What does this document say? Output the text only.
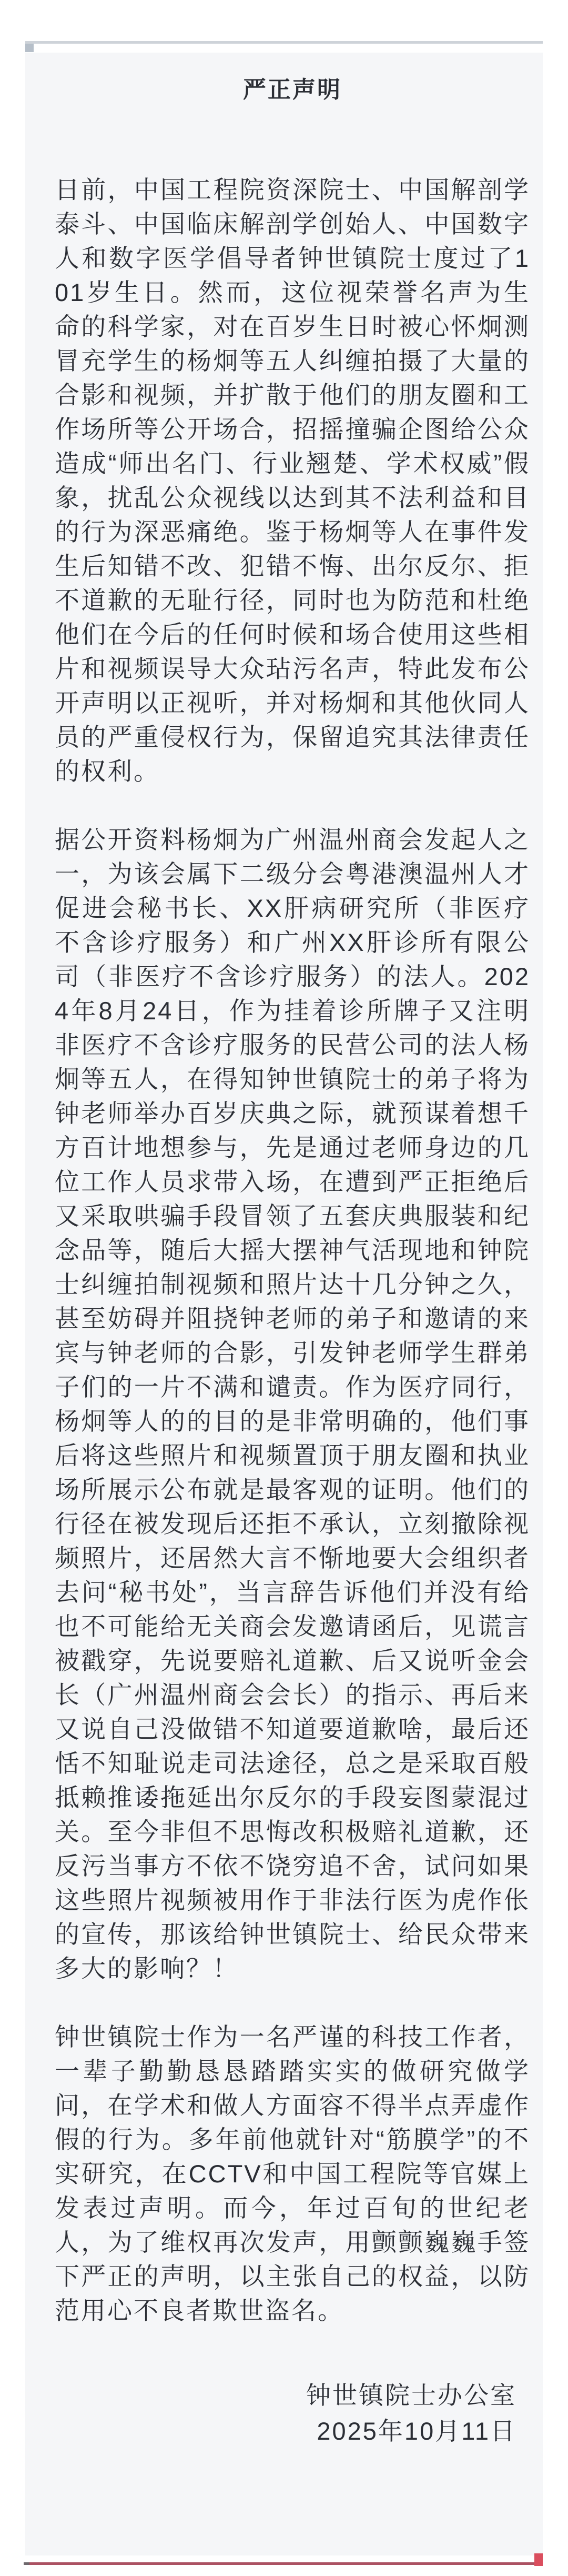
严正声明

日前，中国工程院资深院士、中国解剖学泰斗、中国临床解剖学创始人、中国数字人和数字医学倡导者钟世镇院士度过了101岁生日。然而，这位视荣誉名声为生命的科学家，对在百岁生日时被心怀炯测冒充学生的杨炯等五人纠缠拍摄了大量的合影和视频，并扩散于他们的朋友圈和工作场所等公开场合，招摇撞骗企图给公众造成“师出名门、行业翘楚、学术权威”假象，扰乱公众视线以达到其不法利益和目的行为深恶痛绝。鉴于杨炯等人在事件发生后知错不改、犯错不悔、出尔反尔、拒不道歉的无耻行径，同时也为防范和杜绝他们在今后的任何时候和场合使用这些相片和视频误导大众玷污名声，特此发布公开声明以正视听，并对杨炯和其他伙同人员的严重侵权行为，保留追究其法律责任的权利。

据公开资料杨炯为广州温州商会发起人之一，为该会属下二级分会粤港澳温州人才促进会秘书长、XX肝病研究所（非医疗不含诊疗服务）和广州XX肝诊所有限公司（非医疗不含诊疗服务）的法人。2024年8月24日，作为挂着诊所牌子又注明非医疗不含诊疗服务的民营公司的法人杨炯等五人，在得知钟世镇院士的弟子将为钟老师举办百岁庆典之际，就预谋着想千方百计地想参与，先是通过老师身边的几位工作人员求带入场，在遭到严正拒绝后又采取哄骗手段冒领了五套庆典服装和纪念品等，随后大摇大摆神气活现地和钟院士纠缠拍制视频和照片达十几分钟之久，甚至妨碍并阻挠钟老师的弟子和邀请的来宾与钟老师的合影，引发钟老师学生群弟子们的一片不满和谴责。作为医疗同行，杨炯等人的的目的是非常明确的，他们事后将这些照片和视频置顶于朋友圈和执业场所展示公布就是最客观的证明。他们的行径在被发现后还拒不承认，立刻撤除视频照片，还居然大言不惭地要大会组织者去问“秘书处”，当言辞告诉他们并没有给也不可能给无关商会发邀请函后，见谎言被戳穿，先说要赔礼道歉、后又说听金会长（广州温州商会会长）的指示、再后来又说自己没做错不知道要道歉啥，最后还恬不知耻说走司法途径，总之是采取百般抵赖推诿拖延出尔反尔的手段妄图蒙混过关。至今非但不思悔改积极赔礼道歉，还反污当事方不依不饶穷追不舍，试问如果这些照片视频被用作于非法行医为虎作伥的宣传，那该给钟世镇院士、给民众带来多大的影响？！

钟世镇院士作为一名严谨的科技工作者，一辈子勤勤恳恳踏踏实实的做研究做学问，在学术和做人方面容不得半点弄虚作假的行为。多年前他就针对“筋膜学”的不实研究，在CCTV和中国工程院等官媒上发表过声明。而今，年过百旬的世纪老人，为了维权再次发声，用颤颤巍巍手签下严正的声明，以主张自己的权益，以防范用心不良者欺世盗名。

钟世镇院士办公室
2025年10月11日
